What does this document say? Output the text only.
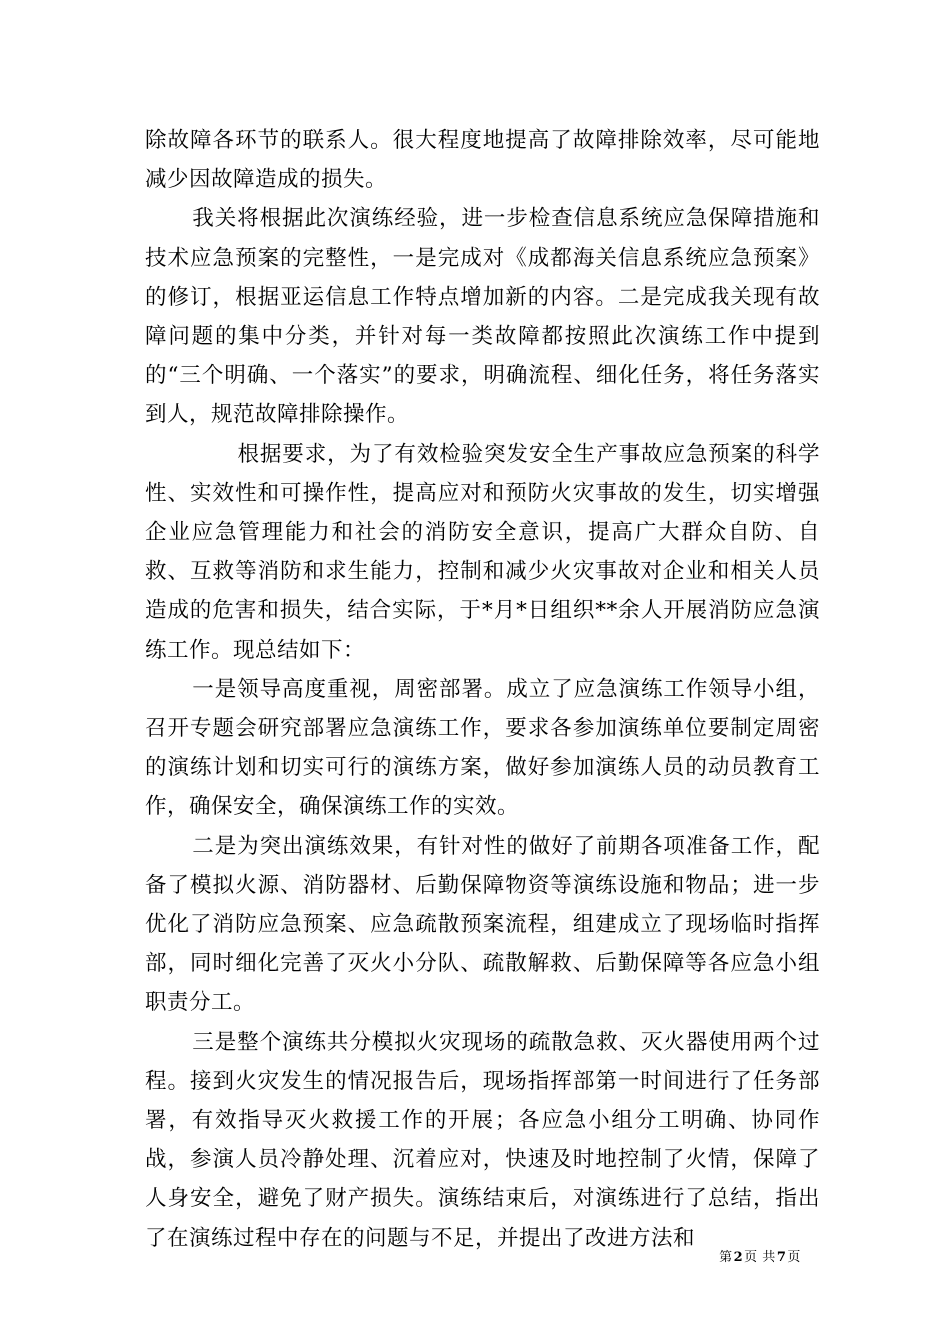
除故障各环节的联系人。很大程度地提高了故障排除效率，尽可能地减少因故障造成的损失。

我关将根据此次演练经验，进一步检查信息系统应急保障措施和技术应急预案的完整性，一是完成对《成都海关信息系统应急预案》的修订，根据亚运信息工作特点增加新的内容。二是完成我关现有故障问题的集中分类，并针对每一类故障都按照此次演练工作中提到的“三个明确、一个落实”的要求，明确流程、细化任务，将任务落实到人，规范故障排除操作。

根据要求，为了有效检验突发安全生产事故应急预案的科学性、实效性和可操作性，提高应对和预防火灾事故的发生，切实增强企业应急管理能力和社会的消防安全意识，提高广大群众自防、自救、互救等消防和求生能力，控制和减少火灾事故对企业和相关人员造成的危害和损失，结合实际，于*月*日组织**余人开展消防应急演练工作。现总结如下：

一是领导高度重视，周密部署。成立了应急演练工作领导小组，召开专题会研究部署应急演练工作，要求各参加演练单位要制定周密的演练计划和切实可行的演练方案，做好参加演练人员的动员教育工作，确保安全，确保演练工作的实效。

二是为突出演练效果，有针对性的做好了前期各项准备工作，配备了模拟火源、消防器材、后勤保障物资等演练设施和物品；进一步优化了消防应急预案、应急疏散预案流程，组建成立了现场临时指挥部，同时细化完善了灭火小分队、疏散解救、后勤保障等各应急小组职责分工。

三是整个演练共分模拟火灾现场的疏散急救、灭火器使用两个过程。接到火灾发生的情况报告后，现场指挥部第一时间进行了任务部署，有效指导灭火救援工作的开展；各应急小组分工明确、协同作战，参演人员冷静处理、沉着应对，快速及时地控制了火情，保障了人身安全，避免了财产损失。演练结束后，对演练进行了总结，指出了在演练过程中存在的问题与不足，并提出了改进方法和

第2页 共7页
